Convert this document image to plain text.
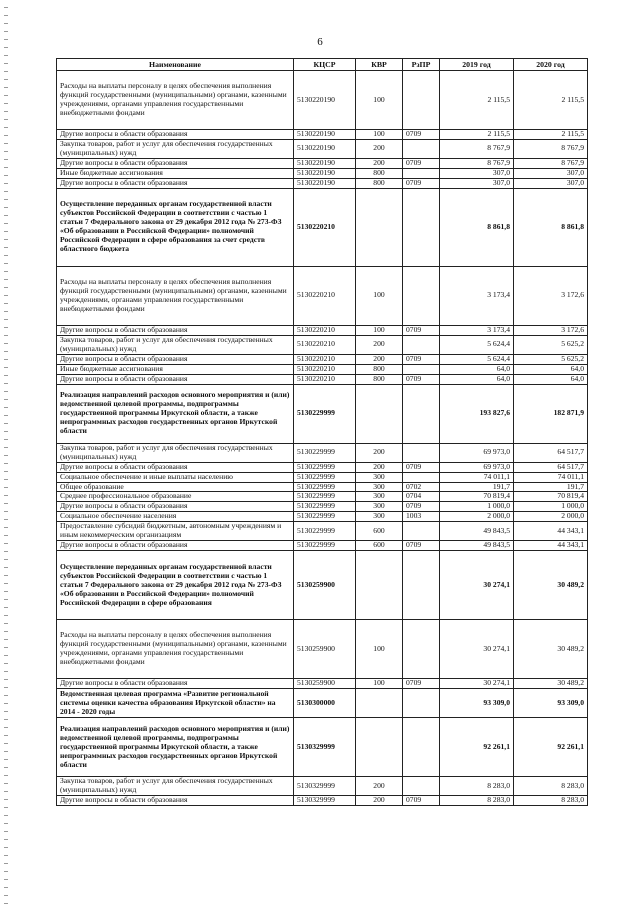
6
Наименование	КЦСР	КВР	РзПР	2019 год	2020 год
Расходы на выплаты персоналу в целях обеспечения выполнения функций государственными (муниципальными) органами, казенными учреждениями, органами управления государственными внебюджетными фондами	5130220190	100		2 115,5	2 115,5
Другие вопросы в области образования	5130220190	100	0709	2 115,5	2 115,5
Закупка товаров, работ и услуг для обеспечения государственных (муниципальных) нужд	5130220190	200		8 767,9	8 767,9
Другие вопросы в области образования	5130220190	200	0709	8 767,9	8 767,9
Иные бюджетные ассигнования	5130220190	800		307,0	307,0
Другие вопросы в области образования	5130220190	800	0709	307,0	307,0
Осуществление переданных органам государственной власти субъектов Российской Федерации в соответствии с частью 1 статьи 7 Федерального закона от 29 декабря 2012 года № 273-ФЗ «Об образовании в Российской Федерации» полномочий Российской Федерации в сфере образования за счет средств областного бюджета	5130220210			8 861,8	8 861,8
Расходы на выплаты персоналу в целях обеспечения выполнения функций государственными (муниципальными) органами, казенными учреждениями, органами управления государственными внебюджетными фондами	5130220210	100		3 173,4	3 172,6
Другие вопросы в области образования	5130220210	100	0709	3 173,4	3 172,6
Закупка товаров, работ и услуг для обеспечения государственных (муниципальных) нужд	5130220210	200		5 624,4	5 625,2
Другие вопросы в области образования	5130220210	200	0709	5 624,4	5 625,2
Иные бюджетные ассигнования	5130220210	800		64,0	64,0
Другие вопросы в области образования	5130220210	800	0709	64,0	64,0
Реализация направлений расходов основного мероприятия и (или) ведомственной целевой программы, подпрограммы государственной программы Иркутской области, а также непрограммных расходов государственных органов Иркутской области	5130229999			193 827,6	182 871,9
Закупка товаров, работ и услуг для обеспечения государственных (муниципальных) нужд	5130229999	200		69 973,0	64 517,7
Другие вопросы в области образования	5130229999	200	0709	69 973,0	64 517,7
Социальное обеспечение и иные выплаты населению	5130229999	300		74 011,1	74 011,1
Общее образование	5130229999	300	0702	191,7	191,7
Среднее профессиональное образование	5130229999	300	0704	70 819,4	70 819,4
Другие вопросы в области образования	5130229999	300	0709	1 000,0	1 000,0
Социальное обеспечение населения	5130229999	300	1003	2 000,0	2 000,0
Предоставление субсидий бюджетным, автономным учреждениям и иным некоммерческим организациям	5130229999	600		49 843,5	44 343,1
Другие вопросы в области образования	5130229999	600	0709	49 843,5	44 343,1
Осуществление переданных органам государственной власти субъектов Российской Федерации в соответствии с частью 1 статьи 7 Федерального закона от 29 декабря 2012 года № 273-ФЗ «Об образовании в Российской Федерации» полномочий Российской Федерации в сфере образования	5130259900			30 274,1	30 489,2
Расходы на выплаты персоналу в целях обеспечения выполнения функций государственными (муниципальными) органами, казенными учреждениями, органами управления государственными внебюджетными фондами	5130259900	100		30 274,1	30 489,2
Другие вопросы в области образования	5130259900	100	0709	30 274,1	30 489,2
Ведомственная целевая программа «Развитие региональной системы оценки качества образования Иркутской области» на 2014 - 2020 годы	5130300000			93 309,0	93 309,0
Реализация направлений расходов основного мероприятия и (или) ведомственной целевой программы, подпрограммы государственной программы Иркутской области, а также непрограммных расходов государственных органов Иркутской области	5130329999			92 261,1	92 261,1
Закупка товаров, работ и услуг для обеспечения государственных (муниципальных) нужд	5130329999	200		8 283,0	8 283,0
Другие вопросы в области образования	5130329999	200	0709	8 283,0	8 283,0
